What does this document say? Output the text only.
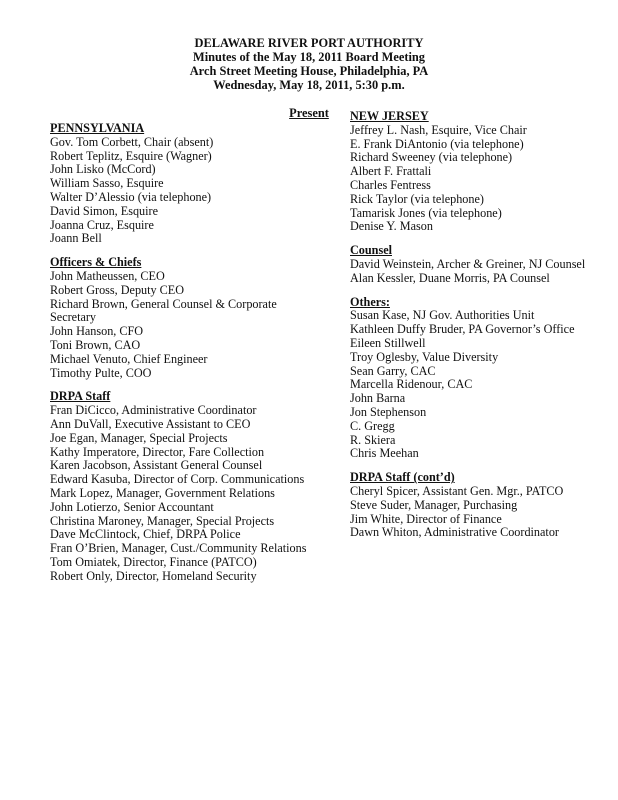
DELAWARE RIVER PORT AUTHORITY
Minutes of the May 18, 2011 Board Meeting
Arch Street Meeting House, Philadelphia, PA
Wednesday, May 18, 2011, 5:30 p.m.
Present
PENNSYLVANIA
Gov. Tom Corbett, Chair (absent)
Robert Teplitz, Esquire (Wagner)
John Lisko (McCord)
William Sasso, Esquire
Walter D’Alessio (via telephone)
David Simon, Esquire
Joanna Cruz, Esquire
Joann Bell
Officers & Chiefs
John Matheussen, CEO
Robert Gross, Deputy CEO
Richard Brown, General Counsel & Corporate Secretary
John Hanson, CFO
Toni Brown, CAO
Michael Venuto, Chief Engineer
Timothy Pulte, COO
DRPA Staff
Fran DiCicco, Administrative Coordinator
Ann DuVall, Executive Assistant to CEO
Joe Egan, Manager, Special Projects
Kathy Imperatore, Director, Fare Collection
Karen Jacobson, Assistant General Counsel
Edward Kasuba, Director of Corp. Communications
Mark Lopez, Manager, Government Relations
John Lotierzo, Senior Accountant
Christina Maroney, Manager, Special Projects
Dave McClintock, Chief, DRPA Police
Fran O’Brien, Manager, Cust./Community Relations
Tom Omiatek, Director, Finance (PATCO)
Robert Only, Director, Homeland Security
NEW JERSEY
Jeffrey L. Nash, Esquire, Vice Chair
E. Frank DiAntonio (via telephone)
Richard Sweeney (via telephone)
Albert F. Frattali
Charles Fentress
Rick Taylor (via telephone)
Tamarisk Jones (via telephone)
Denise Y. Mason
Counsel
David Weinstein, Archer & Greiner, NJ Counsel
Alan Kessler, Duane Morris, PA Counsel
Others:
Susan Kase, NJ Gov. Authorities Unit
Kathleen Duffy Bruder, PA Governor’s Office
Eileen Stillwell
Troy Oglesby, Value Diversity
Sean Garry, CAC
Marcella Ridenour, CAC
John Barna
Jon Stephenson
C. Gregg
R. Skiera
Chris Meehan
DRPA Staff (cont’d)
Cheryl Spicer, Assistant Gen. Mgr., PATCO
Steve Suder, Manager, Purchasing
Jim White, Director of Finance
Dawn Whiton, Administrative Coordinator
